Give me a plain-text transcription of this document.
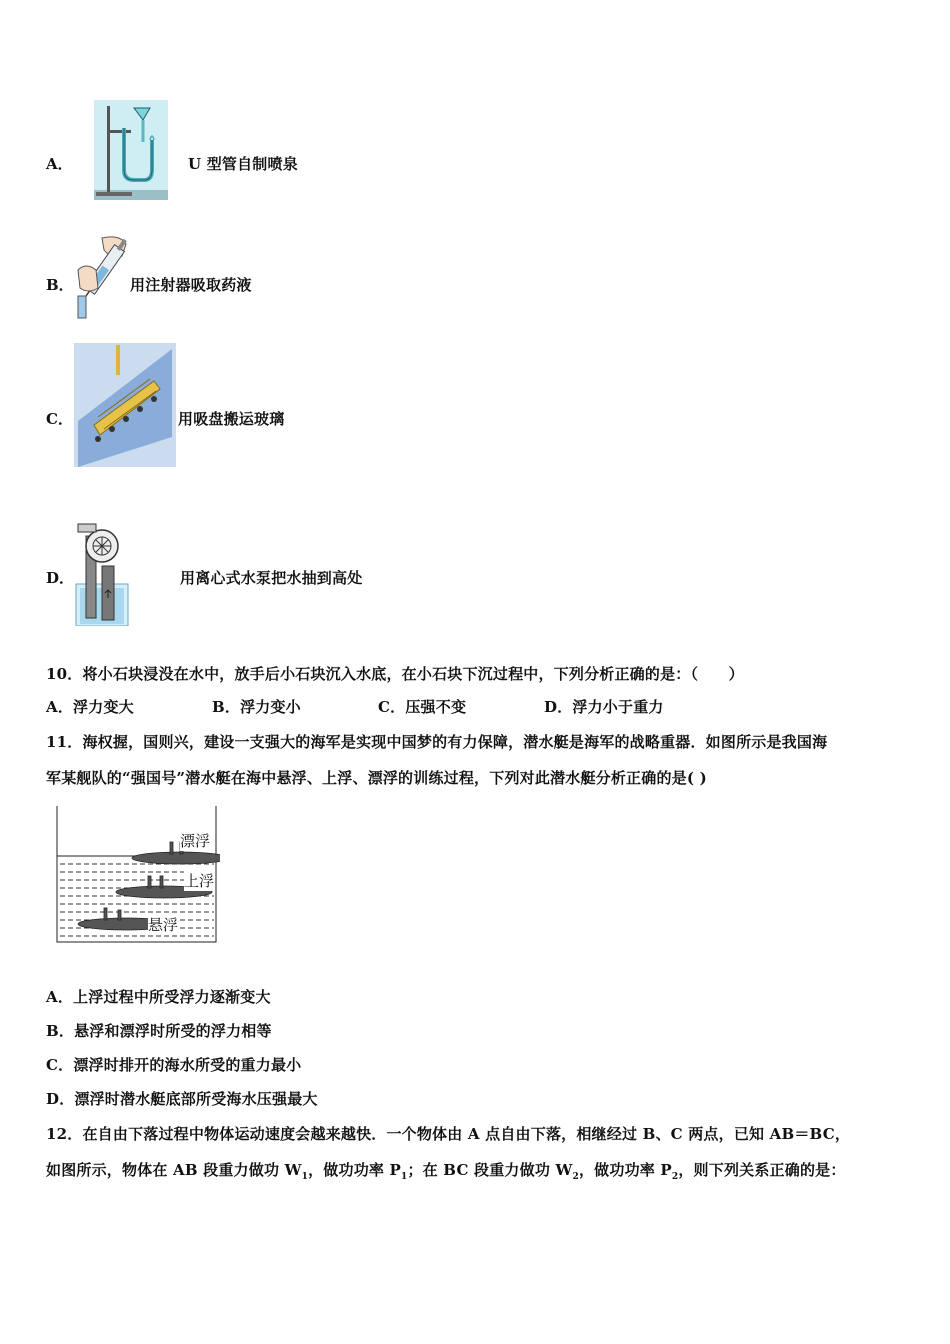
A．	U 型管自制喷泉
B．	用注射器吸取药液
C．	用吸盘搬运玻璃
D．	用离心式水泵把水抽到高处
10．将小石块浸没在水中，放手后小石块沉入水底，在小石块下沉过程中，下列分析正确的是：（　　）
A．浮力变大	B．浮力变小	C．压强不变	D．浮力小于重力
11．海权握，国则兴，建设一支强大的海军是实现中国梦的有力保障，潜水艇是海军的战略重器．如图所示是我国海
军某舰队的“强国号”潜水艇在海中悬浮、上浮、漂浮的训练过程，下列对此潜水艇分析正确的是( )
漂浮
上浮
悬浮
A．上浮过程中所受浮力逐渐变大
B．悬浮和漂浮时所受的浮力相等
C．漂浮时排开的海水所受的重力最小
D．漂浮时潜水艇底部所受海水压强最大
12．在自由下落过程中物体运动速度会越来越快．一个物体由 A 点自由下落，相继经过 B、C 两点，已知 AB＝BC，
如图所示，物体在 AB 段重力做功 $W_1$，做功功率 $P_1$；在 BC 段重力做功 $W_2$，做功功率 $P_2$，则下列关系正确的是：
